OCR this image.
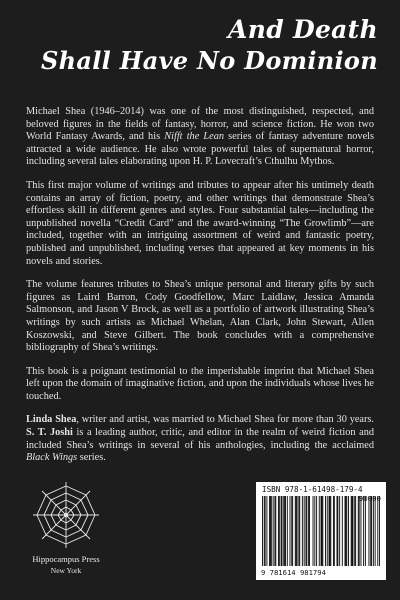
And Death
Shall Have No Dominion

Michael Shea (1946–2014) was one of the most distinguished, respected, and beloved figures in the fields of fantasy, horror, and science fiction. He won two World Fantasy Awards, and his Nifft the Lean series of fantasy adventure novels attracted a wide audience. He also wrote powerful tales of supernatural horror, including several tales elaborating upon H. P. Lovecraft’s Cthulhu Mythos.

This first major volume of writings and tributes to appear after his untimely death contains an array of fiction, poetry, and other writings that demonstrate Shea’s effortless skill in different genres and styles. Four substantial tales—including the unpublished novella “Credit Card” and the award-winning “The Growlimb”—are included, together with an intriguing assortment of weird and fantastic poetry, published and unpublished, including verses that appeared at key moments in his novels and stories.

The volume features tributes to Shea’s unique personal and literary gifts by such figures as Laird Barron, Cody Goodfellow, Marc Laidlaw, Jessica Amanda Salmonson, and Jason V Brock, as well as a portfolio of artwork illustrating Shea’s writings by such artists as Michael Whelan, Alan Clark, John Stewart, Allen Koszowski, and Steve Gilbert. The book concludes with a comprehensive bibliography of Shea’s writings.

This book is a poignant testimonial to the imperishable imprint that Michael Shea left upon the domain of imaginative fiction, and upon the individuals whose lives he touched.

Linda Shea, writer and artist, was married to Michael Shea for more than 30 years. S. T. Joshi is a leading author, critic, and editor in the realm of weird fiction and included Shea’s writings in several of his anthologies, including the acclaimed Black Wings series.

Hippocampus Press
New York
ISBN 978-1-61498-179-4
90000
9 781614 981794
